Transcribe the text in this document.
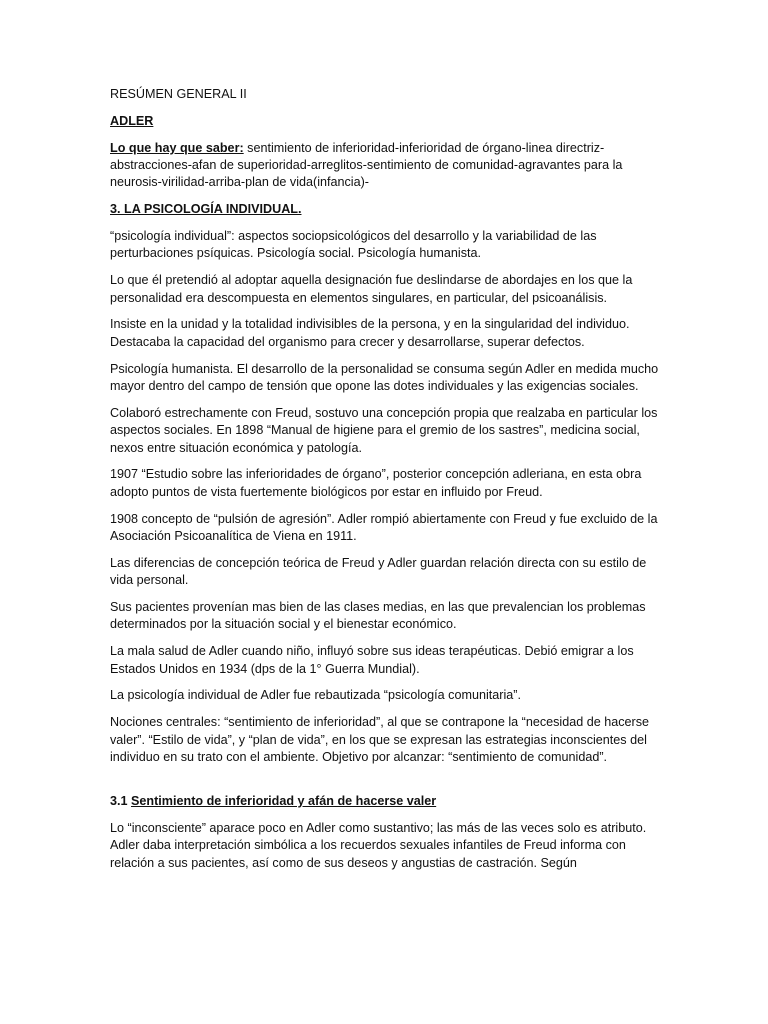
RESÚMEN GENERAL II

ADLER

Lo que hay que saber: sentimiento de inferioridad-inferioridad de órgano-linea directriz-abstracciones-afan de superioridad-arreglitos-sentimiento de comunidad-agravantes para la neurosis-virilidad-arriba-plan de vida(infancia)-

3. LA PSICOLOGÍA INDIVIDUAL.

“psicología individual”: aspectos sociopsicológicos del desarrollo y la variabilidad de las perturbaciones psíquicas. Psicología social. Psicología humanista.

Lo que él pretendió al adoptar aquella designación fue deslindarse de abordajes en los que la personalidad era descompuesta en elementos singulares, en particular, del psicoanálisis.

Insiste en la unidad y la totalidad indivisibles de la persona, y en la singularidad del individuo. Destacaba la capacidad del organismo para crecer y desarrollarse, superar defectos.

Psicología humanista. El desarrollo de la personalidad se consuma según Adler en medida mucho mayor dentro del campo de tensión que opone las dotes individuales y las exigencias sociales.

Colaboró estrechamente con Freud, sostuvo una concepción propia que realzaba en particular los aspectos sociales. En 1898 “Manual de higiene para el gremio de los sastres”, medicina social, nexos entre situación económica y patología.

1907 “Estudio sobre las inferioridades de órgano”, posterior concepción adleriana, en esta obra adopto puntos de vista fuertemente biológicos por estar en influido por Freud.

1908 concepto de “pulsión de agresión”. Adler rompió abiertamente con Freud y fue excluido de la Asociación Psicoanalítica de Viena en 1911.

Las diferencias de concepción teórica de Freud y Adler guardan relación directa con su estilo de vida personal.

Sus pacientes provenían mas bien de las clases medias, en las que prevalencian los problemas determinados por la situación social y el bienestar económico.

La mala salud de Adler cuando niño, influyó sobre sus ideas terapéuticas. Debió emigrar a los Estados Unidos en 1934 (dps de la 1° Guerra Mundial).

La psicología individual de Adler fue rebautizada “psicología comunitaria”.

Nociones centrales: “sentimiento de inferioridad”, al que se contrapone la “necesidad de hacerse valer”. “Estilo de vida”, y “plan de vida”, en los que se expresan las estrategias inconscientes del individuo en su trato con el ambiente. Objetivo por alcanzar: “sentimiento de comunidad”.

3.1 Sentimiento de inferioridad y afán de hacerse valer

Lo “inconsciente” aparace poco en Adler como sustantivo; las más de las veces solo es atributo. Adler daba interpretación simbólica a los recuerdos sexuales infantiles de Freud informa con relación a sus pacientes, así como de sus deseos y angustias de castración. Según
